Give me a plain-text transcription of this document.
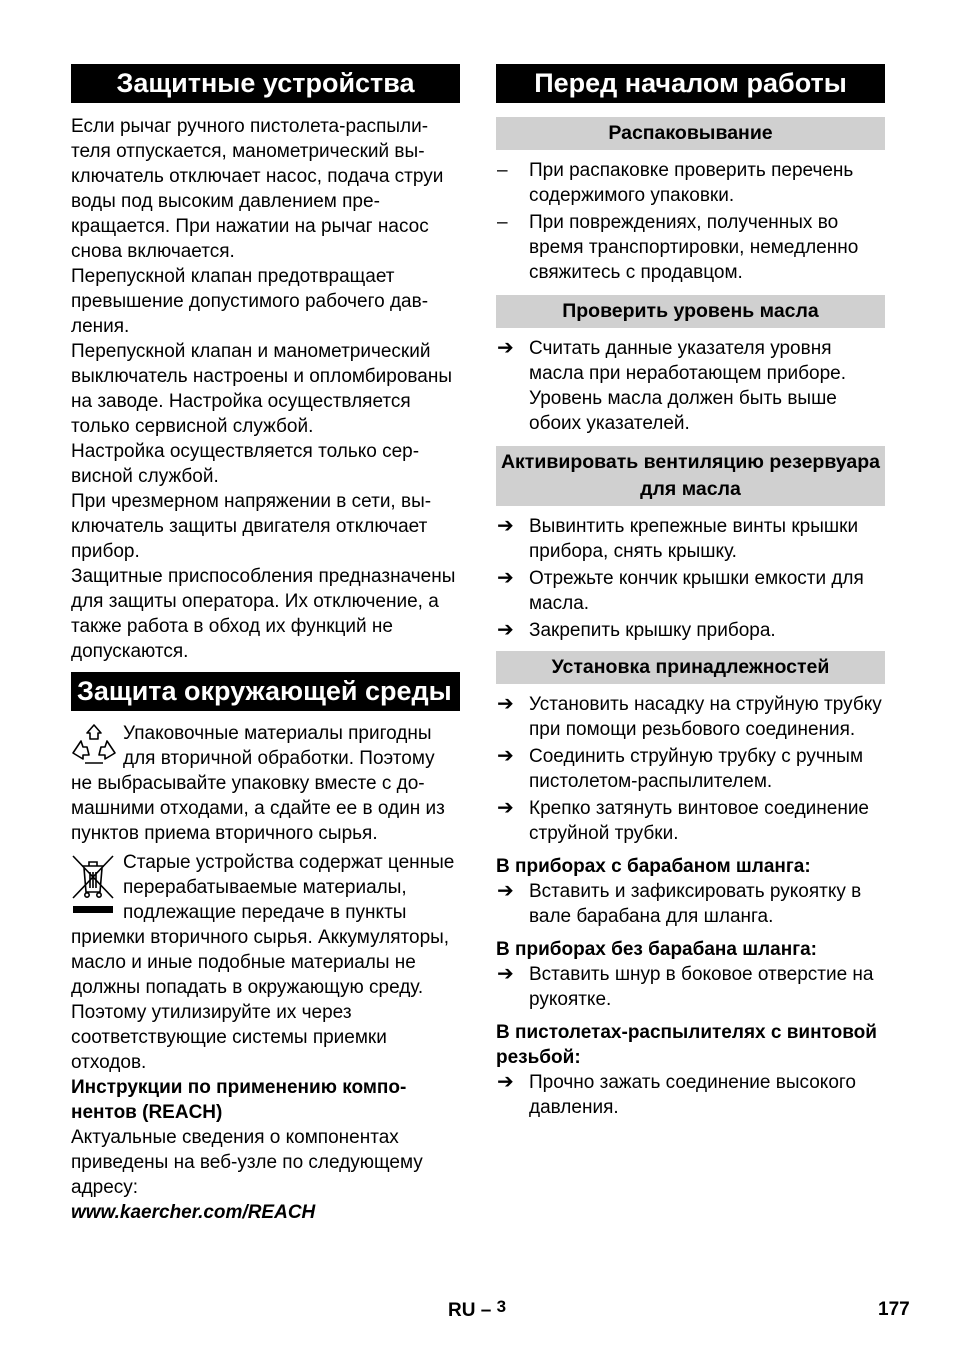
Защитные устройства

Если рычаг ручного пистолета-распылителя отпускается, манометрический выключатель отключает насос, подача струи воды под высоким давлением прекращается. При нажатии на рычаг насос снова включается.

Перепускной клапан предотвращает превышение допустимого рабочего давления.

Перепускной клапан и манометрический выключатель настроены и опломбированы на заводе. Настройка осуществляется только сервисной службой.

Настройка осуществляется только сервисной службой.

При чрезмерном напряжении в сети, выключатель защиты двигателя отключает прибор.

Защитные приспособления предназначены для защиты оператора. Их отключение, а также работа в обход их функций не допускаются.

Защита окружающей среды

Упаковочные материалы пригодны для вторичной обработки. Поэтому не выбрасывайте упаковку вместе с домашними отходами, а сдайте ее в один из пунктов приема вторичного сырья.

Старые устройства содержат ценные перерабатываемые материалы, подлежащие передаче в пункты приемки вторичного сырья. Аккумуляторы, масло и иные подобные материалы не должны попадать в окружающую среду. Поэтому утилизируйте их через соответствующие системы приемки отходов.

Инструкции по применению компонентов (REACH)

Актуальные сведения о компонентах приведены на веб-узле по следующему адресу:

www.kaercher.com/REACH

Перед началом работы
Распаковывание
–	При распаковке проверить перечень содержимого упаковки.
–	При повреждениях, полученных во время транспортировки, немедленно свяжитесь с продавцом.
Проверить уровень масла
➔ Считать данные указателя уровня масла при неработающем приборе. Уровень масла должен быть выше обоих указателей.
Активировать вентиляцию резервуара для масла
➔ Вывинтить крепежные винты крышки прибора, снять крышку.
➔ Отрежьте кончик крышки емкости для масла.
➔ Закрепить крышку прибора.
Установка принадлежностей
➔ Установить насадку на струйную трубку при помощи резьбового соединения.
➔ Соединить струйную трубку с ручным пистолетом-распылителем.
➔ Крепко затянуть винтовое соединение струйной трубки.

В приборах с барабаном шланга:

➔ Вставить и зафиксировать рукоятку в вале барабана для шланга.

В приборах без барабана шланга:

➔ Вставить шнур в боковое отверстие на рукоятке.

В пистолетах-распылителях с винтовой резьбой:

➔ Прочно зажать соединение высокого давления.
RU – $^3$	177
